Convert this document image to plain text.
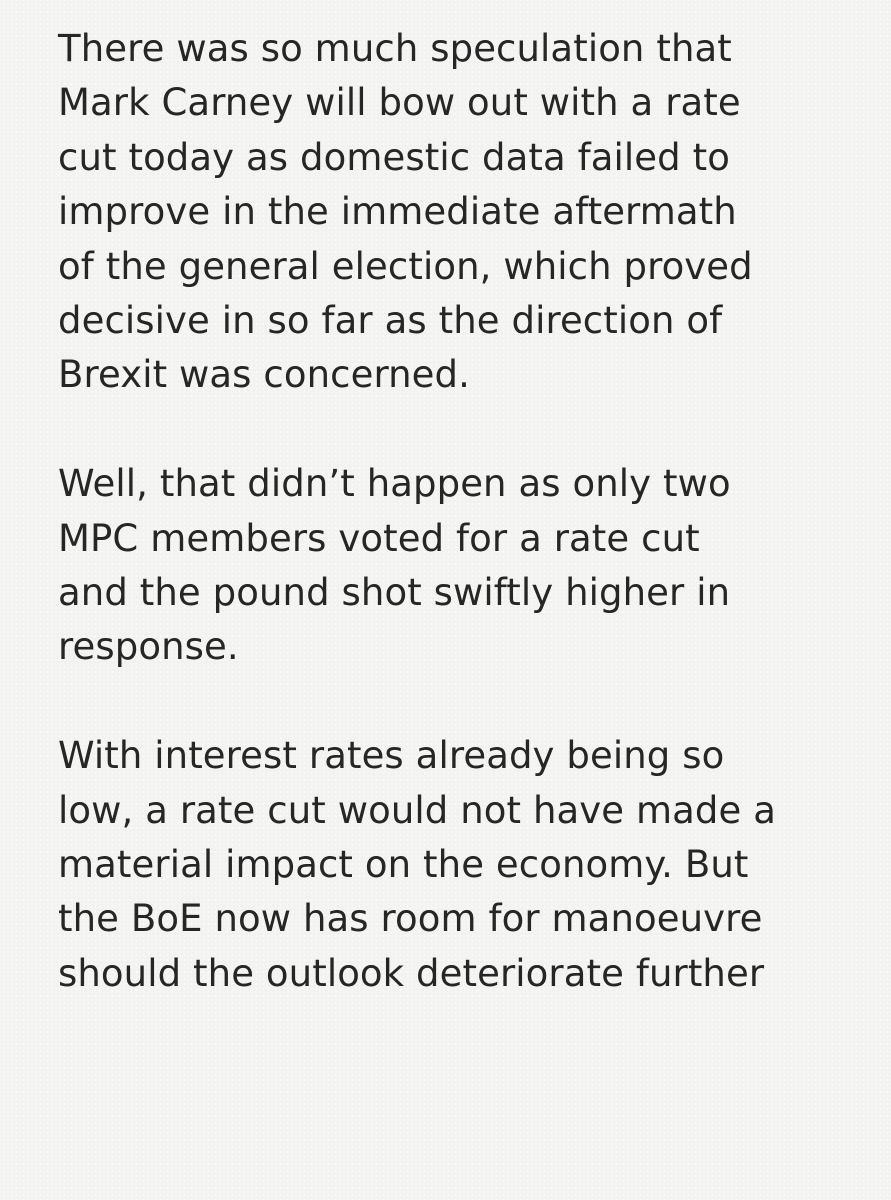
There was so much speculation that
Mark Carney will bow out with a rate
cut today as domestic data failed to
improve in the immediate aftermath
of the general election, which proved
decisive in so far as the direction of
Brexit was concerned.

Well, that didn’t happen as only two
MPC members voted for a rate cut
and the pound shot swiftly higher in
response.

With interest rates already being so
low, a rate cut would not have made a
material impact on the economy. But
the BoE now has room for manoeuvre
should the outlook deteriorate further
